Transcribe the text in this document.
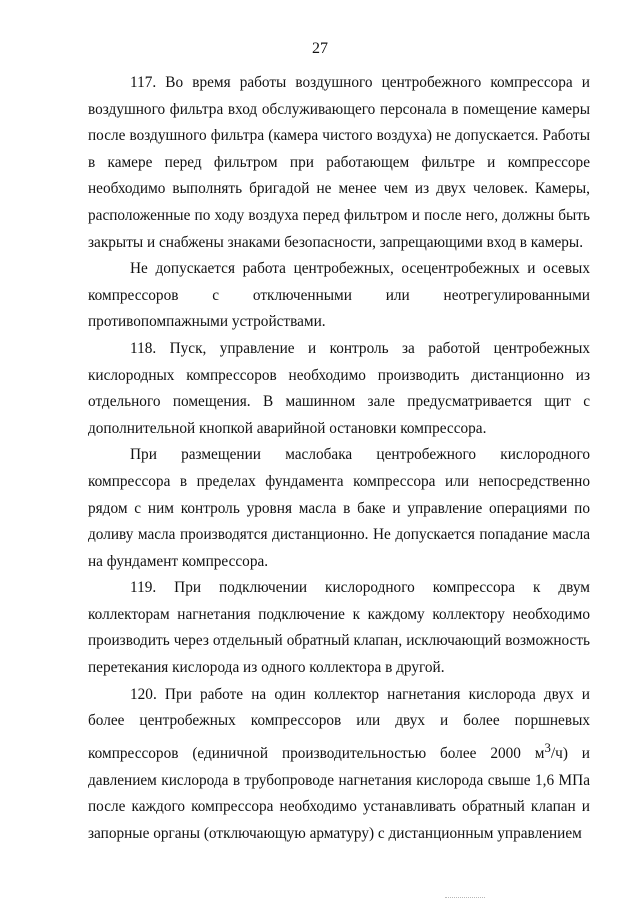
27

117. Во время работы воздушного центробежного компрессора и воздушного фильтра вход обслуживающего персонала в помещение камеры после воздушного фильтра (камера чистого воздуха) не допускается. Работы в камере перед фильтром при работающем фильтре и компрессоре необходимо выполнять бригадой не менее чем из двух человек. Камеры, расположенные по ходу воздуха перед фильтром и после него, должны быть закрыты и снабжены знаками безопасности, запрещающими вход в камеры.

Не допускается работа центробежных, осецентробежных и осевых компрессоров с отключенными или неотрегулированными противопомпажными устройствами.

118. Пуск, управление и контроль за работой центробежных кислородных компрессоров необходимо производить дистанционно из отдельного помещения. В машинном зале предусматривается щит с дополнительной кнопкой аварийной остановки компрессора.

При размещении маслобака центробежного кислородного компрессора в пределах фундамента компрессора или непосредственно рядом с ним контроль уровня масла в баке и управление операциями по доливу масла производятся дистанционно. Не допускается попадание масла на фундамент компрессора.

119. При подключении кислородного компрессора к двум коллекторам нагнетания подключение к каждому коллектору необходимо производить через отдельный обратный клапан, исключающий возможность перетекания кислорода из одного коллектора в другой.

120. При работе на один коллектор нагнетания кислорода двух и более центробежных компрессоров или двух и более поршневых компрессоров (единичной производительностью более 2000 $м^3/ч$) и давлением кислорода в трубопроводе нагнетания кислорода свыше 1,6 МПа после каждого компрессора необходимо устанавливать обратный клапан и запорные органы (отключающую арматуру) с дистанционным управлением
